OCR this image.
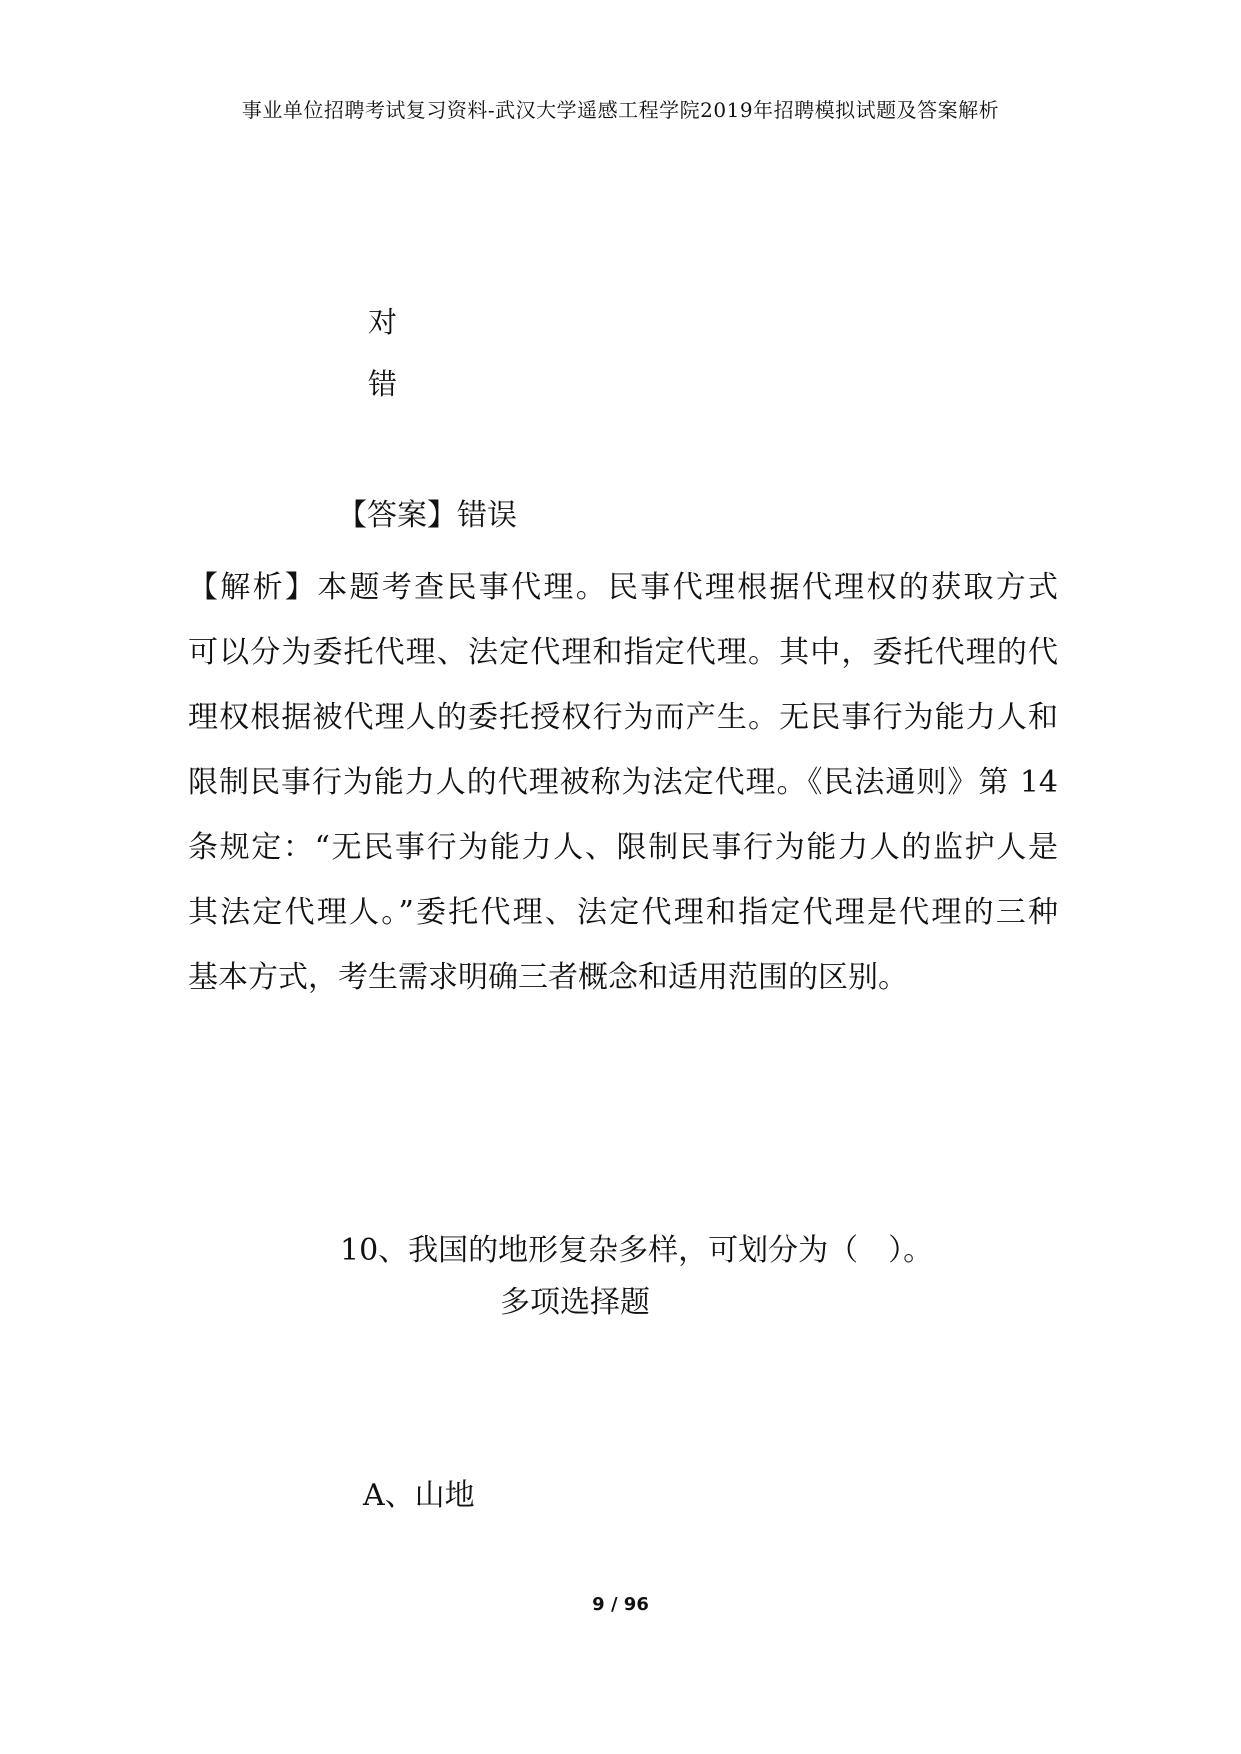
事业单位招聘考试复习资料-武汉大学遥感工程学院2019年招聘模拟试题及答案解析
对
错
【答案】错误
【解析】本题考查民事代理。民事代理根据代理权的获取方式
可以分为委托代理、法定代理和指定代理。其中，委托代理的代
理权根据被代理人的委托授权行为而产生。无民事行为能力人和
限制民事行为能力人的代理被称为法定代理。《民法通则》第 14
条规定：“无民事行为能力人、限制民事行为能力人的监护人是
其法定代理人。”委托代理、法定代理和指定代理是代理的三种
基本方式，考生需求明确三者概念和适用范围的区别。
10、我国的地形复杂多样，可划分为（　）。
多项选择题
A、山地
9 / 96
